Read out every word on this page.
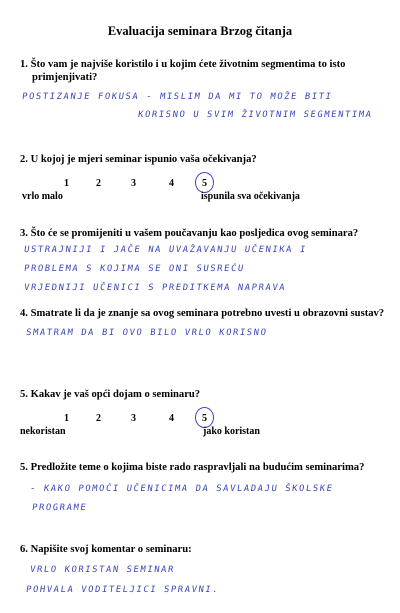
Evaluacija seminara Brzog čitanja
1. Što vam je najviše koristilo i u kojim ćete životnim segmentima to isto
primjenjivati?
POSTIZANJE FOKUSA - MISLIM DA MI TO MOŽE BITI
KORISNO U SVIM ŽIVOTNIM SEGMENTIMA
2. U kojoj je mjeri seminar ispunio vaša očekivanja?
1	2	3	4	5
vrlo malo	ispunila sva očekivanja
3. Što će se promijeniti u vašem poučavanju kao posljedica ovog seminara?
USTRAJNIJI I JAČE NA UVAŽAVANJU UČENIKA I
PROBLEMA S KOJIMA SE ONI SUSREĆU
VRJEDNIJI UČENICI S PREDITKEMA NAPRAVA
4. Smatrate li da je znanje sa ovog seminara potrebno uvesti u obrazovni sustav?
SMATRAM DA BI OVO BILO VRLO KORISNO
5. Kakav je vaš opći dojam o seminaru?
1	2	3	4	5
nekoristan	jako koristan
5. Predložite teme o kojima biste rado raspravljali na budućim seminarima?
- KAKO POMOĆI UČENICIMA DA SAVLADAJU ŠKOLSKE
PROGRAME
6. Napišite svoj komentar o seminaru:
VRLO KORISTAN SEMINAR
POHVALA VODITELJICI SPRAVNI.
